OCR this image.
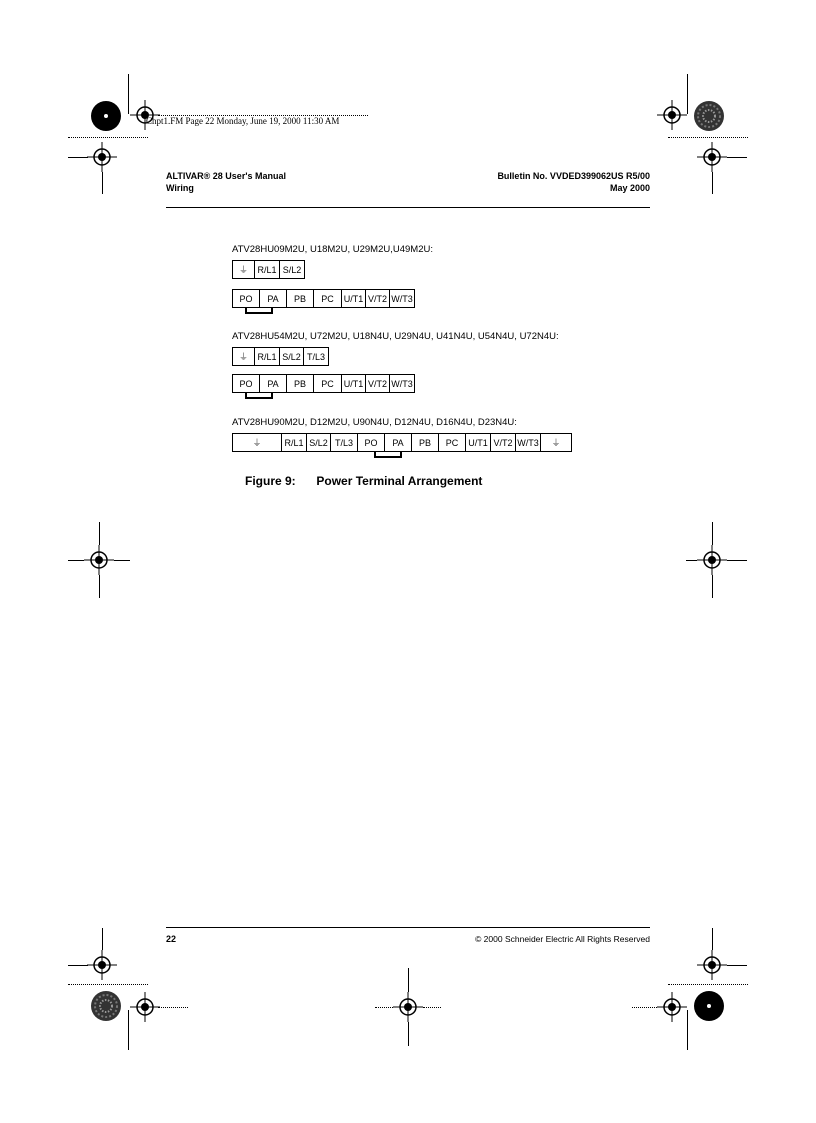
Chpt1.FM Page 22 Monday, June 19, 2000 11:30 AM
ALTIVAR® 28 User's Manual
Wiring
Bulletin No. VVDED399062US R5/00
May 2000
ATV28HU09M2U, U18M2U, U29M2U,U49M2U:
⏚	R/L1 S/L2
PO	PA	PB	PC	U/T1 V/T2 W/T3
ATV28HU54M2U, U72M2U, U18N4U, U29N4U, U41N4U, U54N4U, U72N4U:
⏚	R/L1 S/L2 T/L3
PO	PA	PB	PC	U/T1 V/T2 W/T3
ATV28HU90M2U, D12M2U, U90N4U, D12N4U, D16N4U, D23N4U:
⏚	R/L1 S/L2 T/L3	PO	PA	PB	PC	U/T1 V/T2 W/T3	⏚
Figure 9: Power Terminal Arrangement
22	© 2000 Schneider Electric All Rights Reserved
